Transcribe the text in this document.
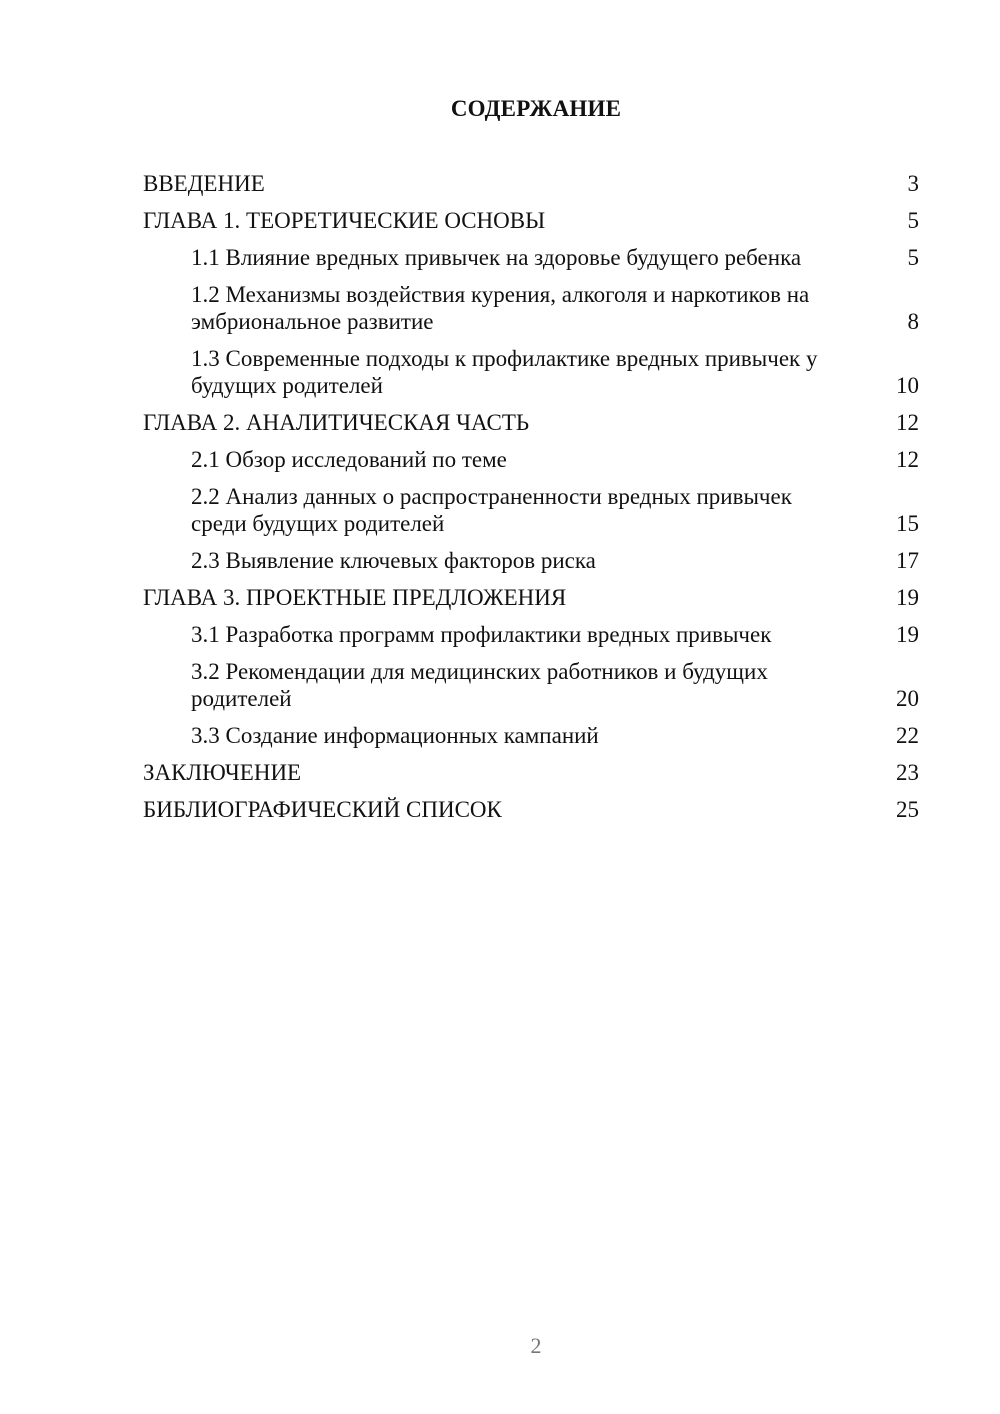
СОДЕРЖАНИЕ
ВВЕДЕНИЕ	3
ГЛАВА 1. ТЕОРЕТИЧЕСКИЕ ОСНОВЫ	5
1.1 Влияние вредных привычек на здоровье будущего ребенка	5
1.2 Механизмы воздействия курения, алкоголя и наркотиков на эмбриональное развитие	8
1.3 Современные подходы к профилактике вредных привычек у будущих родителей	10
ГЛАВА 2. АНАЛИТИЧЕСКАЯ ЧАСТЬ	12
2.1 Обзор исследований по теме	12
2.2 Анализ данных о распространенности вредных привычек среди будущих родителей	15
2.3 Выявление ключевых факторов риска	17
ГЛАВА 3. ПРОЕКТНЫЕ ПРЕДЛОЖЕНИЯ	19
3.1 Разработка программ профилактики вредных привычек	19
3.2 Рекомендации для медицинских работников и будущих родителей	20
3.3 Создание информационных кампаний	22
ЗАКЛЮЧЕНИЕ	23
БИБЛИОГРАФИЧЕСКИЙ СПИСОК	25
2
